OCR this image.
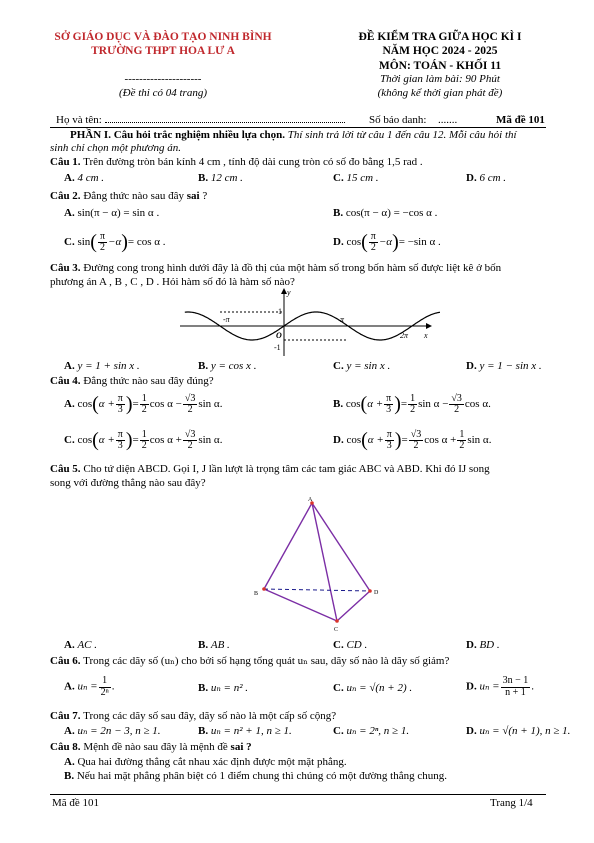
SỞ GIÁO DỤC VÀ ĐÀO TẠO NINH BÌNH
TRƯỜNG THPT HOA LƯ A
---------------------
(Đề thi có 04 trang)
ĐỀ KIỂM TRA GIỮA HỌC KÌ I
NĂM HỌC 2024 - 2025
MÔN: TOÁN - KHỐI 11
Thời gian làm bài: 90 Phút
(không kể thời gian phát đề)
Họ và tên:	Số báo danh: .......	Mã đề 101
PHẦN I. Câu hỏi trắc nghiệm nhiều lựa chọn. Thí sinh trả lời từ câu 1 đến câu 12. Mỗi câu hỏi thí
sinh chỉ chọn một phương án.
Câu 1. Trên đường tròn bán kính 4 cm , tính độ dài cung tròn có số đo bằng 1,5 rad .
A. 4 cm .	B. 12 cm .	C. 15 cm .	D. 6 cm .
Câu 2. Đẳng thức nào sau đây sai ?
A. sin(π − α) = sin α .	B. cos(π − α) = −cos α .
C. $\sin( \frac{\pi}{2} -\alpha)= \cos \alpha$ .	D. $\cos( \frac{\pi}{2} -\alpha)= -\sin$ α .
Câu 3. Đường cong trong hình dưới đây là đồ thị của một hàm số trong bốn hàm số được liệt kê ở bốn
phương án A , B , C , D . Hỏi hàm số đó là hàm số nào?
-π	π
2π
O
y
x
1
-1
A. y = 1 + sin x .	B. y = cos x .	C. y = sin x .	D. y = 1 − sin x .
Câu 4. Đẳng thức nào sau đây đúng?
A. $\cos(\alpha + \frac{\pi}{3}$ )= $\frac{1}{2}$ $\cos \alpha - \frac{√3}{2}$ sin α.	B. $\cos(\alpha + \frac{\pi}{3}$ )= $\frac{1}{2}$ $\sin \alpha - \frac{√3}{2}$ cos α.
C. $\cos(\alpha + \frac{\pi}{3}$ )= $\frac{1}{2}$ $\cos \alpha + \frac{√3}{2}$ sin α.	D. $\cos(\alpha + \frac{\pi}{3}$ )= $\frac{√3}{2}$ $\cos \alpha + \frac{1}{2}$ sin α.
Câu 5. Cho tứ diện ABCD. Gọi I, J lần lượt là trọng tâm các tam giác ABC và ABD. Khi đó IJ song
song với đường thẳng nào sau đây?
A
B
C
D
A. AC .	B. AB .	C. CD .	D. BD .
Câu 6. Trong các dãy số (uₙ) cho bởi số hạng tổng quát uₙ sau, dãy số nào là dãy số giảm?
A. $u_n = \frac{1}{\text{2ⁿ}}$ .	B. uₙ = n² .	C. uₙ = √(n + 2) .	D. $u_n = \frac{3n - 1}{n + 1}$ .
Câu 7. Trong các dãy số sau đây, dãy số nào là một cấp số cộng?
A. uₙ = 2n − 3, n ≥ 1.	B. uₙ = n² + 1, n ≥ 1.	C. uₙ = 2ⁿ, n ≥ 1.	D. uₙ = √(n + 1), n ≥ 1.
Câu 8. Mệnh đề nào sau đây là mệnh đề sai ?
A. Qua hai đường thẳng cắt nhau xác định được một mặt phẳng.
B. Nếu hai mặt phẳng phân biệt có 1 điểm chung thì chúng có một đường thẳng chung.
Mã đề 101	Trang 1/4
